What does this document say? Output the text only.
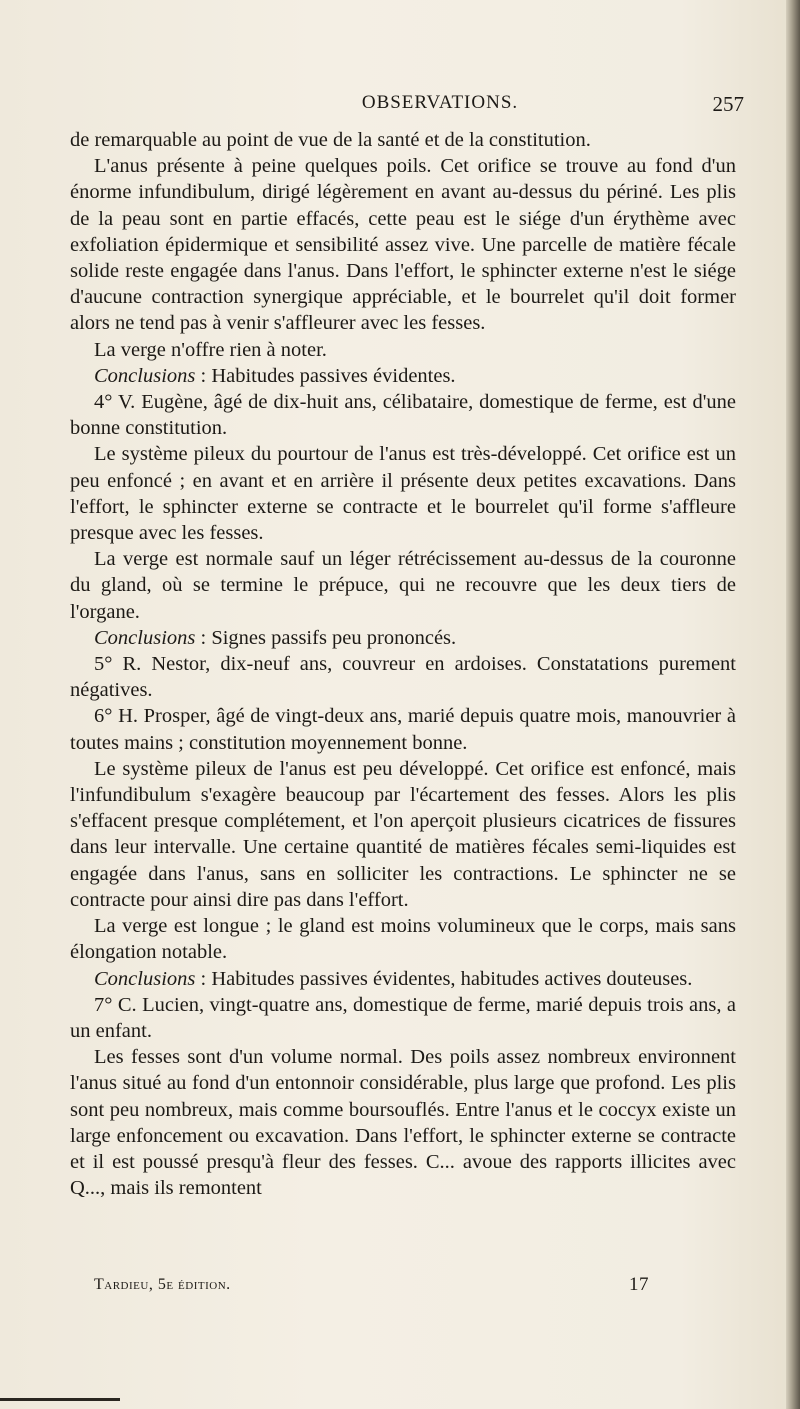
OBSERVATIONS.	257

de remarquable au point de vue de la santé et de la constitution.

L'anus présente à peine quelques poils. Cet orifice se trouve au fond d'un énorme infundibulum, dirigé légèrement en avant au-dessus du périné. Les plis de la peau sont en partie effacés, cette peau est le siége d'un érythème avec exfoliation épidermique et sensibilité assez vive. Une parcelle de matière fécale solide reste engagée dans l'anus. Dans l'effort, le sphincter externe n'est le siége d'aucune contraction synergique appréciable, et le bourrelet qu'il doit former alors ne tend pas à venir s'affleurer avec les fesses.

La verge n'offre rien à noter.

Conclusions : Habitudes passives évidentes.

4° V. Eugène, âgé de dix-huit ans, célibataire, domestique de ferme, est d'une bonne constitution.

Le système pileux du pourtour de l'anus est très-développé. Cet orifice est un peu enfoncé ; en avant et en arrière il présente deux petites excavations. Dans l'effort, le sphincter externe se contracte et le bourrelet qu'il forme s'affleure presque avec les fesses.

La verge est normale sauf un léger rétrécissement au-dessus de la couronne du gland, où se termine le prépuce, qui ne recouvre que les deux tiers de l'organe.

Conclusions : Signes passifs peu prononcés.

5° R. Nestor, dix-neuf ans, couvreur en ardoises. Constatations purement négatives.

6° H. Prosper, âgé de vingt-deux ans, marié depuis quatre mois, manouvrier à toutes mains ; constitution moyennement bonne.

Le système pileux de l'anus est peu développé. Cet orifice est enfoncé, mais l'infundibulum s'exagère beaucoup par l'écartement des fesses. Alors les plis s'effacent presque complétement, et l'on aperçoit plusieurs cicatrices de fissures dans leur intervalle. Une certaine quantité de matières fécales semi-liquides est engagée dans l'anus, sans en solliciter les contractions. Le sphincter ne se contracte pour ainsi dire pas dans l'effort.

La verge est longue ; le gland est moins volumineux que le corps, mais sans élongation notable.

Conclusions : Habitudes passives évidentes, habitudes actives douteuses.

7° C. Lucien, vingt-quatre ans, domestique de ferme, marié depuis trois ans, a un enfant.

Les fesses sont d'un volume normal. Des poils assez nombreux environnent l'anus situé au fond d'un entonnoir considérable, plus large que profond. Les plis sont peu nombreux, mais comme boursouflés. Entre l'anus et le coccyx existe un large enfoncement ou excavation. Dans l'effort, le sphincter externe se contracte et il est poussé presqu'à fleur des fesses. C... avoue des rapports illicites avec Q..., mais ils remontent

Tardieu, 5e édition.	17
